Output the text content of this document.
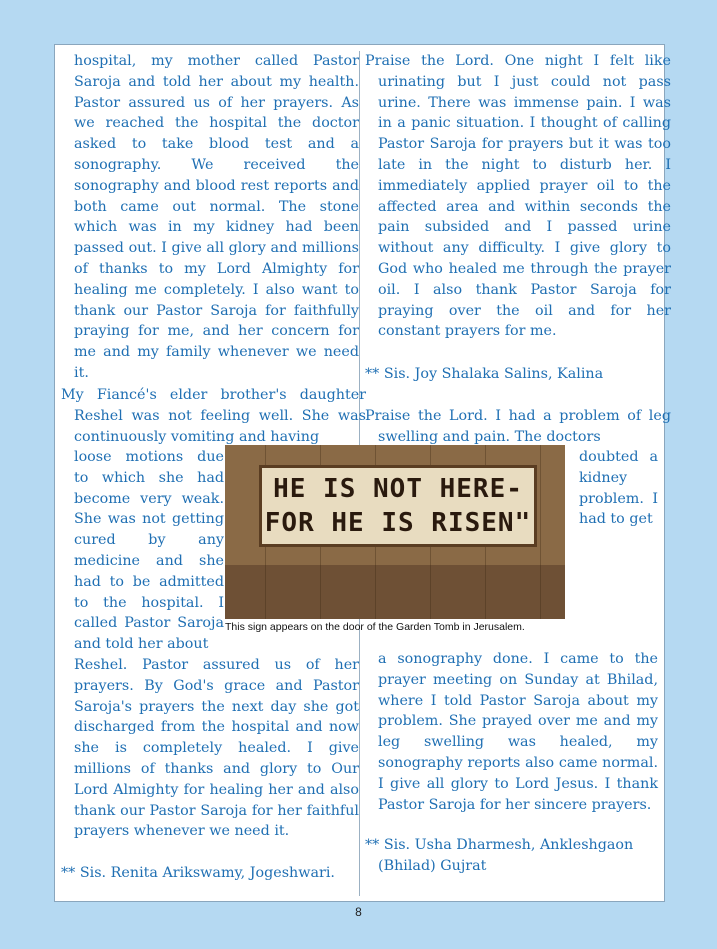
hospital, my mother called Pastor Saroja and told her about my health. Pastor assured us of her prayers. As we reached the hospital the doctor asked to take blood test and a sonography. We received the sonography and blood rest reports and both came out normal. The stone which was in my kidney had been passed out. I give all glory and millions of thanks to my Lord Almighty for healing me completely. I also want to thank our Pastor Saroja for faithfully praying for me, and her concern for me and my family whenever we need it.

My Fiancé's elder brother's daughter Reshel was not feeling well. She was continuously vomiting and having

loose motions due to which she had become very weak. She was not getting cured by any medicine and she had to be admitted to the hospital. I called Pastor Saroja and told her about

Reshel. Pastor assured us of her prayers. By God's grace and Pastor Saroja's prayers the next day she got discharged from the hospital and now she is completely healed. I give millions of thanks and glory to Our Lord Almighty for healing her and also thank our Pastor Saroja for her faithful prayers whenever we need it.

** Sis. Renita Arikswamy, Jogeshwari.

Praise the Lord. One night I felt like urinating but I just could not pass urine. There was immense pain. I was in a panic situation. I thought of calling Pastor Saroja for prayers but it was too late in the night to disturb her. I immediately applied prayer oil to the affected area and within seconds the pain subsided and I passed urine without any difficulty. I give glory to God who healed me through the prayer oil. I also thank Pastor Saroja for praying over the oil and for her constant prayers for me.

** Sis. Joy Shalaka Salins, Kalina

Praise the Lord. I had a problem of leg swelling and pain. The doctors

doubted a kidney problem. I had to get

a sonography done. I came to the prayer meeting on Sunday at Bhilad, where I told Pastor Saroja about my problem. She prayed over me and my leg swelling was healed, my sonography reports also came normal. I give all glory to Lord Jesus. I thank Pastor Saroja for her sincere prayers.

** Sis. Usha Dharmesh, Ankleshgaon

(Bhilad) Gujrat

HE IS NOT HERE-
FOR HE IS RISEN"
This sign appears on the door of the Garden Tomb in Jerusalem.
8
